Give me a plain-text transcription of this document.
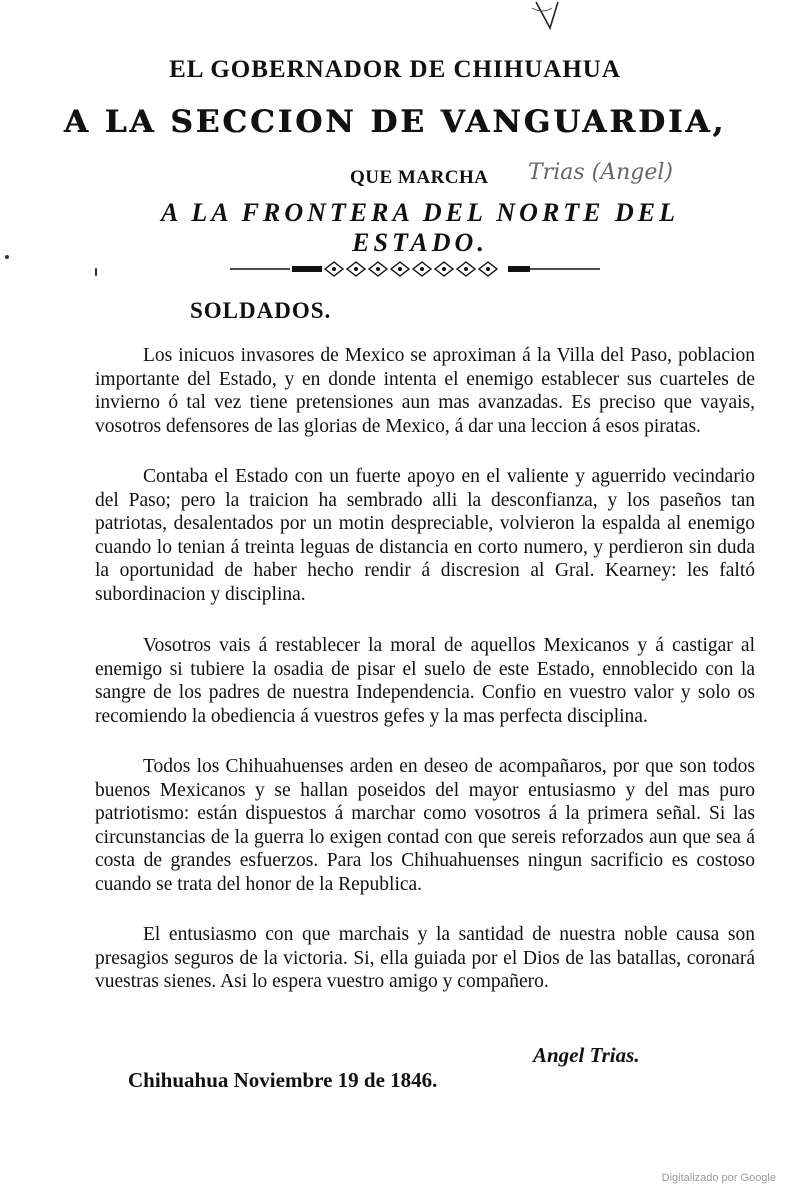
EL GOBERNADOR DE CHIHUAHUA
A LA SECCION DE VANGUARDIA,
QUE MARCHA Trias (Angel)
A LA FRONTERA DEL NORTE DEL ESTADO.
SOLDADOS.

Los inicuos invasores de Mexico se aproximan á la Villa del Paso, poblacion importante del Estado, y en donde intenta el enemigo establecer sus cuarteles de invierno ó tal vez tiene pretensiones aun mas avanzadas. Es preciso que vayais, vosotros defensores de las glorias de Mexico, á dar una leccion á esos piratas.

Contaba el Estado con un fuerte apoyo en el valiente y aguerrido vecindario del Paso; pero la traicion ha sembrado alli la desconfianza, y los paseños tan patriotas, desalentados por un motin despreciable, volvieron la espalda al enemigo cuando lo tenian á treinta leguas de distancia en corto numero, y perdieron sin duda la oportunidad de haber hecho rendir á discresion al Gral. Kearney: les faltó subordinacion y disciplina.

Vosotros vais á restablecer la moral de aquellos Mexicanos y á castigar al enemigo si tubiere la osadia de pisar el suelo de este Estado, ennoblecido con la sangre de los padres de nuestra Independencia. Confio en vuestro valor y solo os recomiendo la obediencia á vuestros gefes y la mas perfecta disciplina.

Todos los Chihuahuenses arden en deseo de acompañaros, por que son todos buenos Mexicanos y se hallan poseidos del mayor entusiasmo y del mas puro patriotismo: están dispuestos á marchar como vosotros á la primera señal. Si las circunstancias de la guerra lo exigen contad con que sereis reforzados aun que sea á costa de grandes esfuerzos. Para los Chihuahuenses ningun sacrificio es costoso cuando se trata del honor de la Republica.

El entusiasmo con que marchais y la santidad de nuestra noble causa son presagios seguros de la victoria. Si, ella guiada por el Dios de las batallas, coronará vuestras sienes. Asi lo espera vuestro amigo y compañero.

Angel Trias.
Chihuahua Noviembre 19 de 1846.
Digitalizado por Google
